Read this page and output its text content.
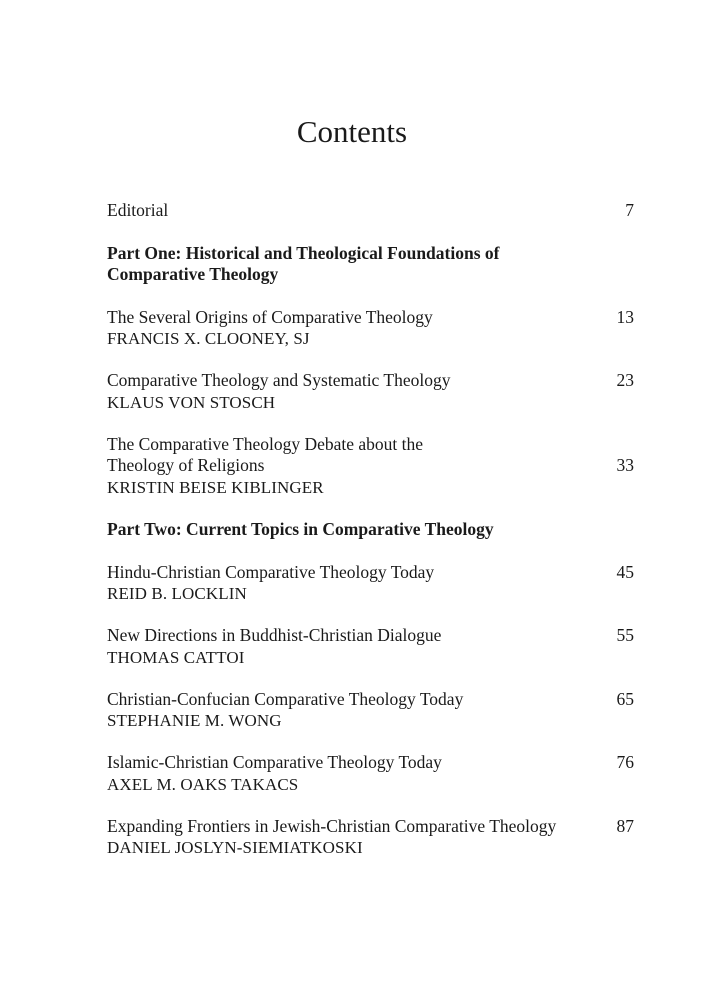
Contents
Editorial	7
Part One: Historical and Theological Foundations of
Comparative Theology
The Several Origins of Comparative Theology	13
FRANCIS X. CLOONEY, SJ
Comparative Theology and Systematic Theology	23
KLAUS VON STOSCH
The Comparative Theology Debate about the
Theology of Religions	33
KRISTIN BEISE KIBLINGER
Part Two: Current Topics in Comparative Theology
Hindu-Christian Comparative Theology Today	45
REID B. LOCKLIN
New Directions in Buddhist-Christian Dialogue	55
THOMAS CATTOI
Christian-Confucian Comparative Theology Today	65
STEPHANIE M. WONG
Islamic-Christian Comparative Theology Today	76
AXEL M. OAKS TAKACS
Expanding Frontiers in Jewish-Christian Comparative Theology	87
DANIEL JOSLYN-SIEMIATKOSKI
